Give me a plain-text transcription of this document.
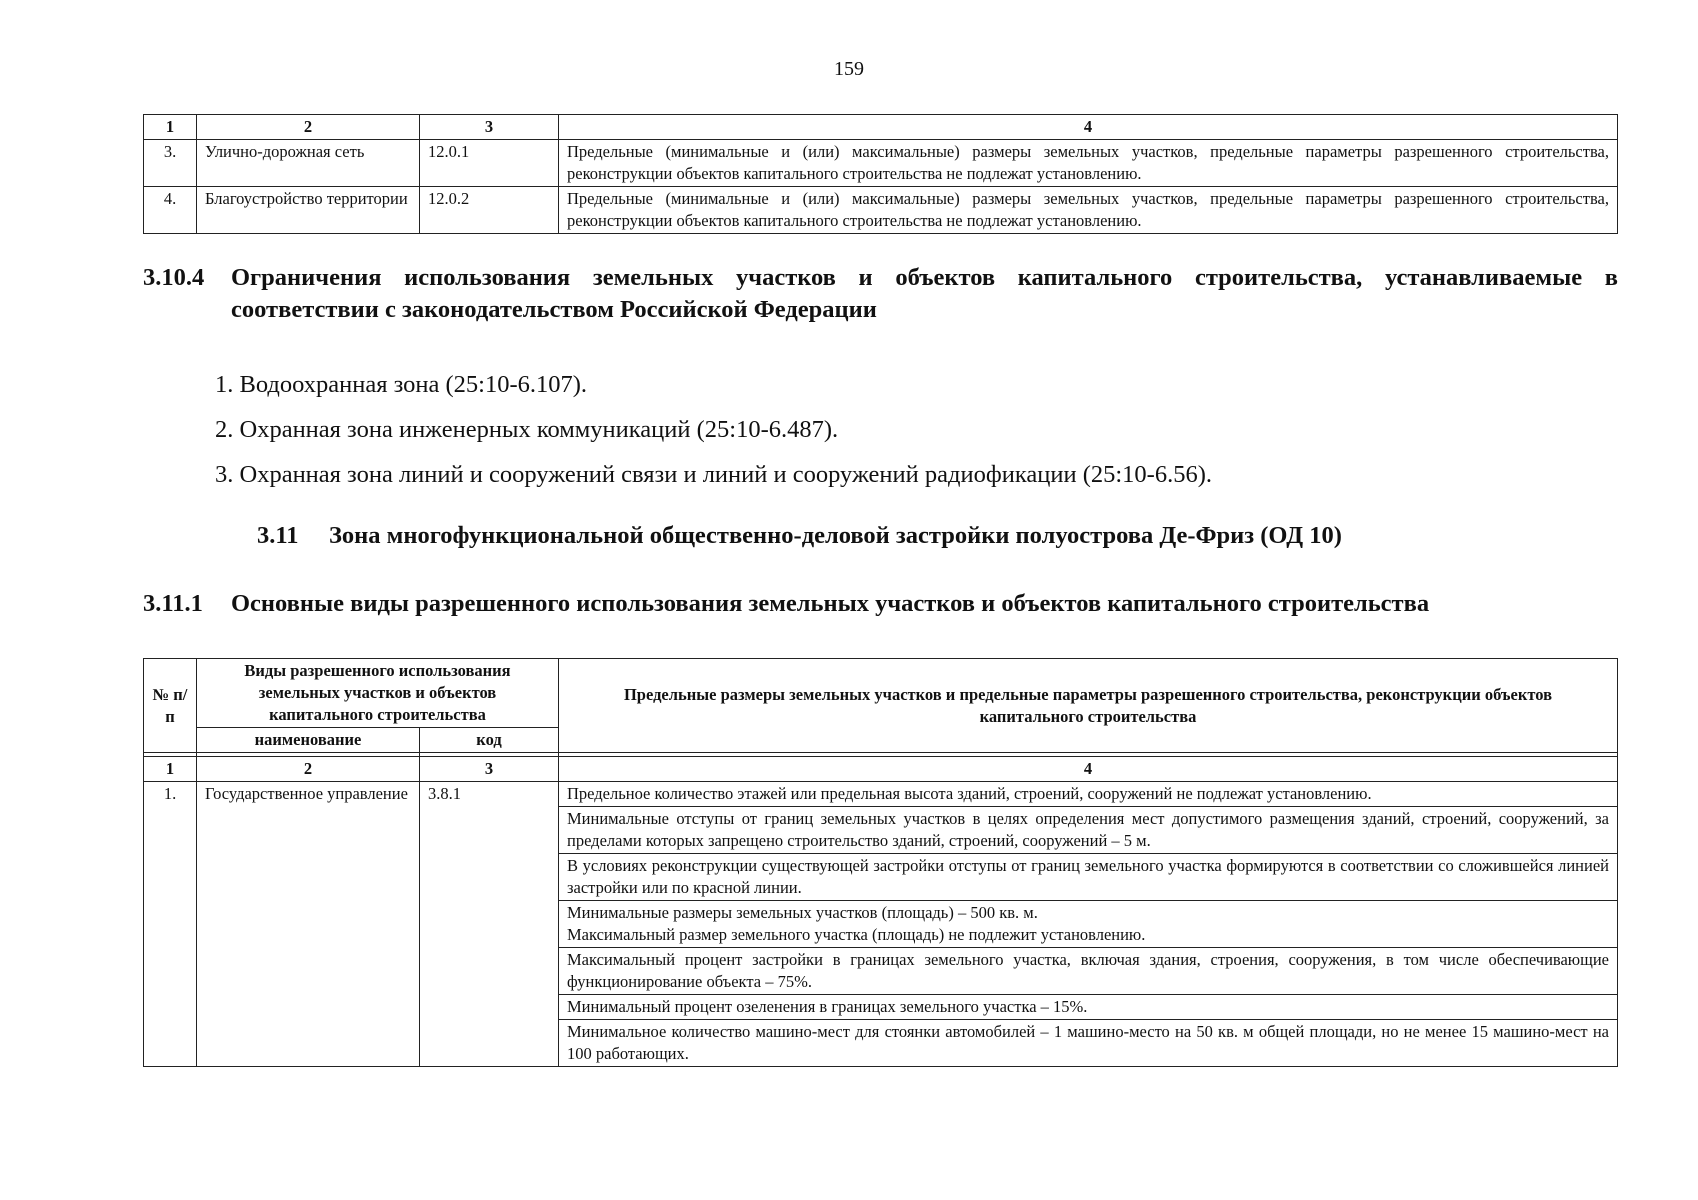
159
1	2	3	4
3.	Улично-дорожная сеть	12.0.1	Предельные (минимальные и (или) максимальные) размеры земельных участков, предельные параметры разрешенного строительства, реконструкции объектов капитального строительства не подлежат установлению.
4.	Благоустройство территории	12.0.2	Предельные (минимальные и (или) максимальные) размеры земельных участков, предельные параметры разрешенного строительства, реконструкции объектов капитального строительства не подлежат установлению.
3.10.4 Ограничения использования земельных участков и объектов капитального строительства, устанавливаемые в соответствии с законодательством Российской Федерации
1. Водоохранная зона (25:10-6.107).
2. Охранная зона инженерных коммуникаций (25:10-6.487).
3. Охранная зона линий и сооружений связи и линий и сооружений радиофикации (25:10-6.56).
3.11 Зона многофункциональной общественно-деловой застройки полуострова Де-Фриз (ОД 10)
3.11.1 Основные виды разрешенного использования земельных участков и объектов капитального строительства
№ п/п	Виды разрешенного использования земельных участков и объектов капитального строительства		Предельные размеры земельных участков и предельные параметры разрешенного строительства, реконструкции объектов капитального строительства
	наименование	код	

1	2	3	4
1.	Государственное управление	3.8.1	Предельное количество этажей или предельная высота зданий, строений, сооружений не подлежат установлению.
			Минимальные отступы от границ земельных участков в целях определения мест допустимого размещения зданий, строений, сооружений, за пределами которых запрещено строительство зданий, строений, сооружений – 5 м.
			В условиях реконструкции существующей застройки отступы от границ земельного участка формируются в соответствии со сложившейся линией застройки или по красной линии.

			Минимальные размеры земельных участков (площадь) – 500 кв. м.
Максимальный размер земельного участка (площадь) не подлежит установлению.

			Максимальный процент застройки в границах земельного участка, включая здания, строения, сооружения, в том числе обеспечивающие функционирование объекта – 75%.
			Минимальный процент озеленения в границах земельного участка – 15%.
			Минимальное количество машино-мест для стоянки автомобилей – 1 машино-место на 50 кв. м общей площади, но не менее 15 машино-мест на 100 работающих.
